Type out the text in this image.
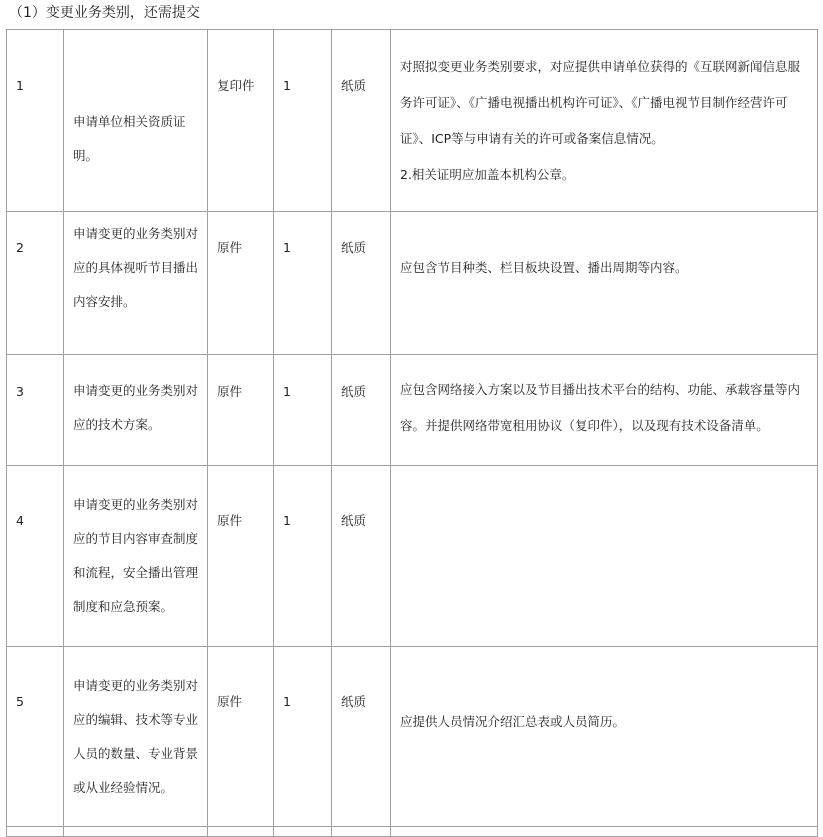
（1）变更业务类别，还需提交
1	申请单位相关资质证明。	复印件	1	纸质	对照拟变更业务类别要求，对应提供申请单位获得的《互联网新闻信息服务许可证》、《广播电视播出机构许可证》、《广播电视节目制作经营许可证》、ICP等与申请有关的许可或备案信息情况。
2.相关证明应加盖本机构公章。

2	申请变更的业务类别对应的具体视听节目播出内容安排。	原件	1	纸质	应包含节目种类、栏目板块设置、播出周期等内容。

3	申请变更的业务类别对应的技术方案。	原件	1	纸质	应包含网络接入方案以及节目播出技术平台的结构、功能、承载容量等内容。并提供网络带宽租用协议（复印件），以及现有技术设备清单。

4	申请变更的业务类别对应的节目内容审查制度和流程，安全播出管理制度和应急预案。	原件	1	纸质	

5	申请变更的业务类别对应的编辑、技术等专业人员的数量、专业背景或从业经验情况。	原件	1	纸质	应提供人员情况介绍汇总表或人员简历。
